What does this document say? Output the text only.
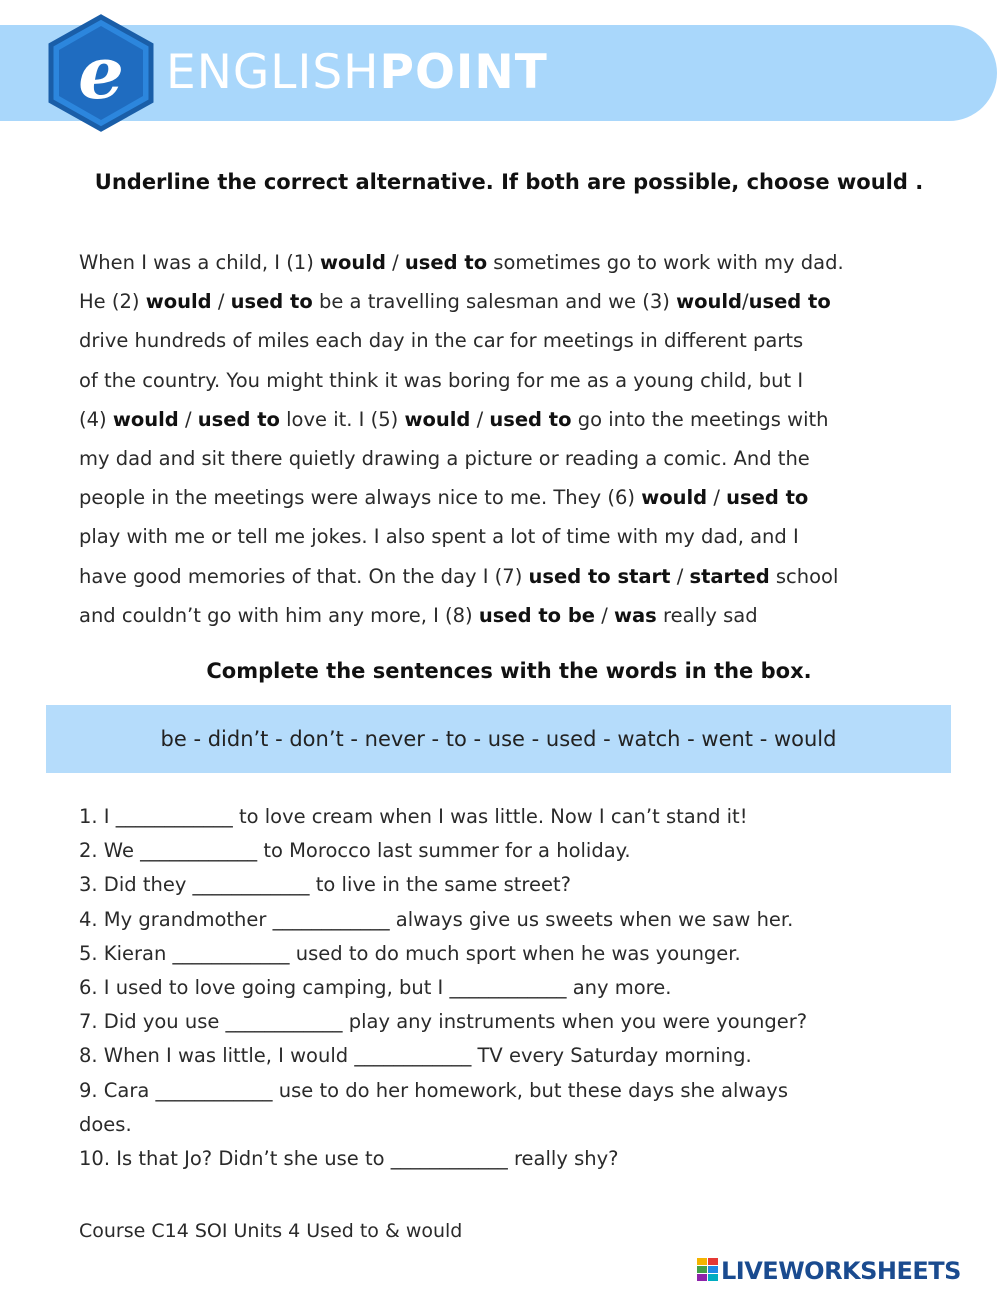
e ENGLISHPOINT
Underline the correct alternative. If both are possible, choose would .
When I was a child, I (1) would / used to sometimes go to work with my dad.
He (2) would / used to be a travelling salesman and we (3) would/used to
drive hundreds of miles each day in the car for meetings in different parts
of the country. You might think it was boring for me as a young child, but I
(4) would / used to love it. I (5) would / used to go into the meetings with
my dad and sit there quietly drawing a picture or reading a comic. And the
people in the meetings were always nice to me. They (6) would / used to
play with me or tell me jokes. I also spent a lot of time with my dad, and I
have good memories of that. On the day I (7) used to start / started school
and couldn’t go with him any more, I (8) used to be / was really sad
Complete the sentences with the words in the box.
be - didn’t - don’t - never - to - use - used - watch - went - would
1. I ____________ to love cream when I was little. Now I can’t stand it!
2. We ____________ to Morocco last summer for a holiday.
3. Did they ____________ to live in the same street?
4. My grandmother ____________ always give us sweets when we saw her.
5. Kieran ____________ used to do much sport when he was younger.
6. I used to love going camping, but I ____________ any more.
7. Did you use ____________ play any instruments when you were younger?
8. When I was little, I would ____________ TV every Saturday morning.
9. Cara ____________ use to do her homework, but these days she always
does.
10. Is that Jo? Didn’t she use to ____________ really shy?
Course C14 SOI Units 4 Used to & would
LIVEWORKSHEETS
